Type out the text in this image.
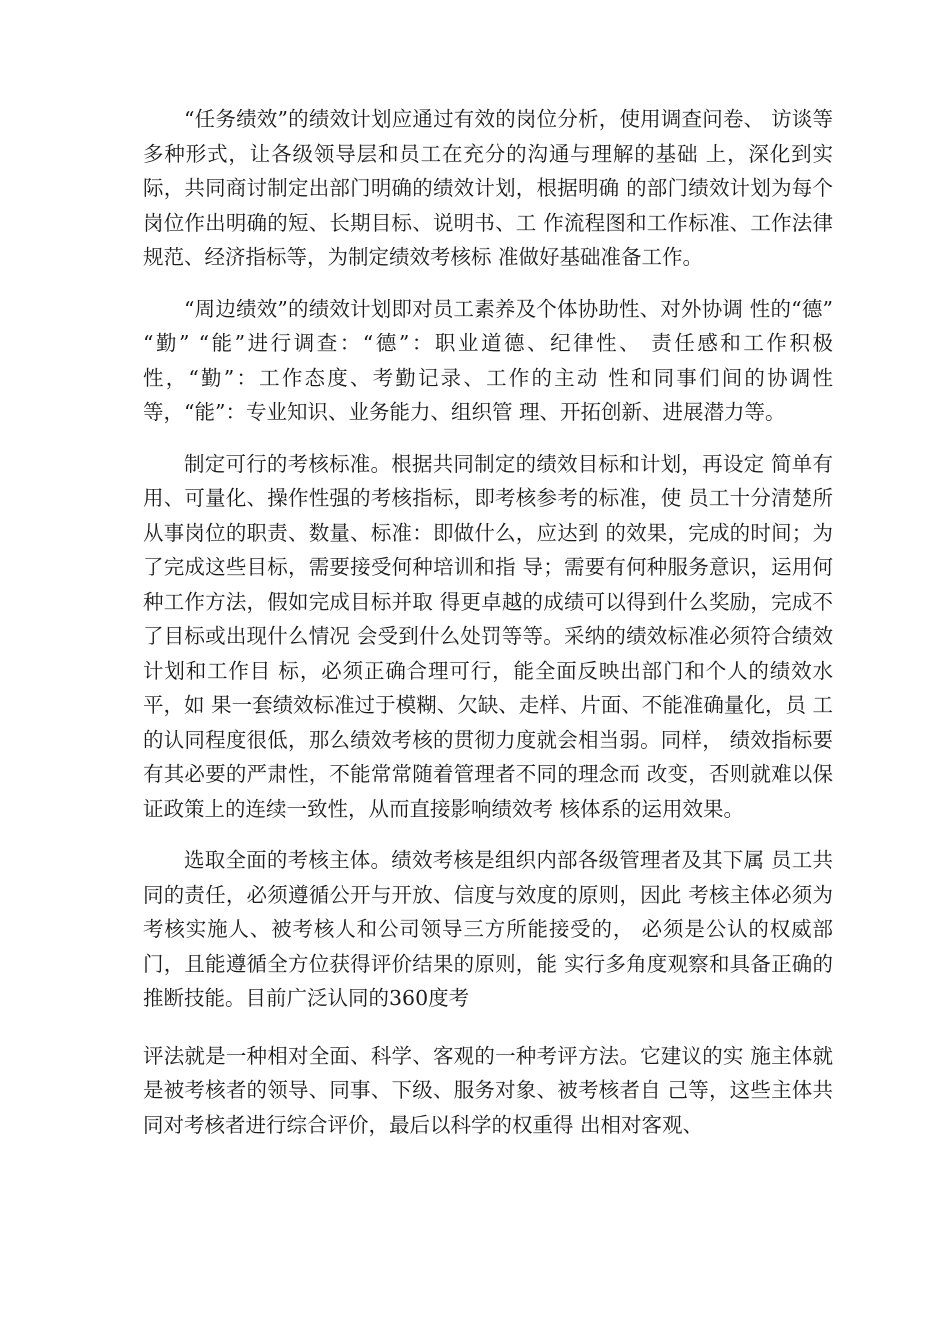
“任务绩效”的绩效计划应通过有效的岗位分析，使用调查问卷、 访谈等多种形式，让各级领导层和员工在充分的沟通与理解的基础 上，深化到实际，共同商讨制定出部门明确的绩效计划，根据明确 的部门绩效计划为每个岗位作出明确的短、长期目标、说明书、工 作流程图和工作标准、工作法律规范、经济指标等，为制定绩效考核标 准做好基础准备工作。

“周边绩效”的绩效计划即对员工素养及个体协助性、对外协调 性的“德” “勤” “能”进行调查：“德”：职业道德、纪律性、 责任感和工作积极性，“勤”：工作态度、考勤记录、工作的主动 性和同事们间的协调性等，“能”：专业知识、业务能力、组织管 理、开拓创新、进展潜力等。

制定可行的考核标准。根据共同制定的绩效目标和计划，再设定 简单有用、可量化、操作性强的考核指标，即考核参考的标准，使 员工十分清楚所从事岗位的职责、数量、标准：即做什么，应达到 的效果，完成的时间；为了完成这些目标，需要接受何种培训和指 导；需要有何种服务意识，运用何种工作方法，假如完成目标并取 得更卓越的成绩可以得到什么奖励，完成不了目标或出现什么情况 会受到什么处罚等等。采纳的绩效标准必须符合绩效计划和工作目 标，必须正确合理可行，能全面反映出部门和个人的绩效水平，如 果一套绩效标准过于模糊、欠缺、走样、片面、不能准确量化，员 工的认同程度很低，那么绩效考核的贯彻力度就会相当弱。同样， 绩效指标要有其必要的严肃性，不能常常随着管理者不同的理念而 改变，否则就难以保证政策上的连续一致性，从而直接影响绩效考 核体系的运用效果。

选取全面的考核主体。绩效考核是组织内部各级管理者及其下属 员工共同的责任，必须遵循公开与开放、信度与效度的原则，因此 考核主体必须为考核实施人、被考核人和公司领导三方所能接受的， 必须是公认的权威部门，且能遵循全方位获得评价结果的原则，能 实行多角度观察和具备正确的推断技能。目前广泛认同的360度考

评法就是一种相对全面、科学、客观的一种考评方法。它建议的实 施主体就是被考核者的领导、同事、下级、服务对象、被考核者自 己等，这些主体共同对考核者进行综合评价，最后以科学的权重得 出相对客观、
